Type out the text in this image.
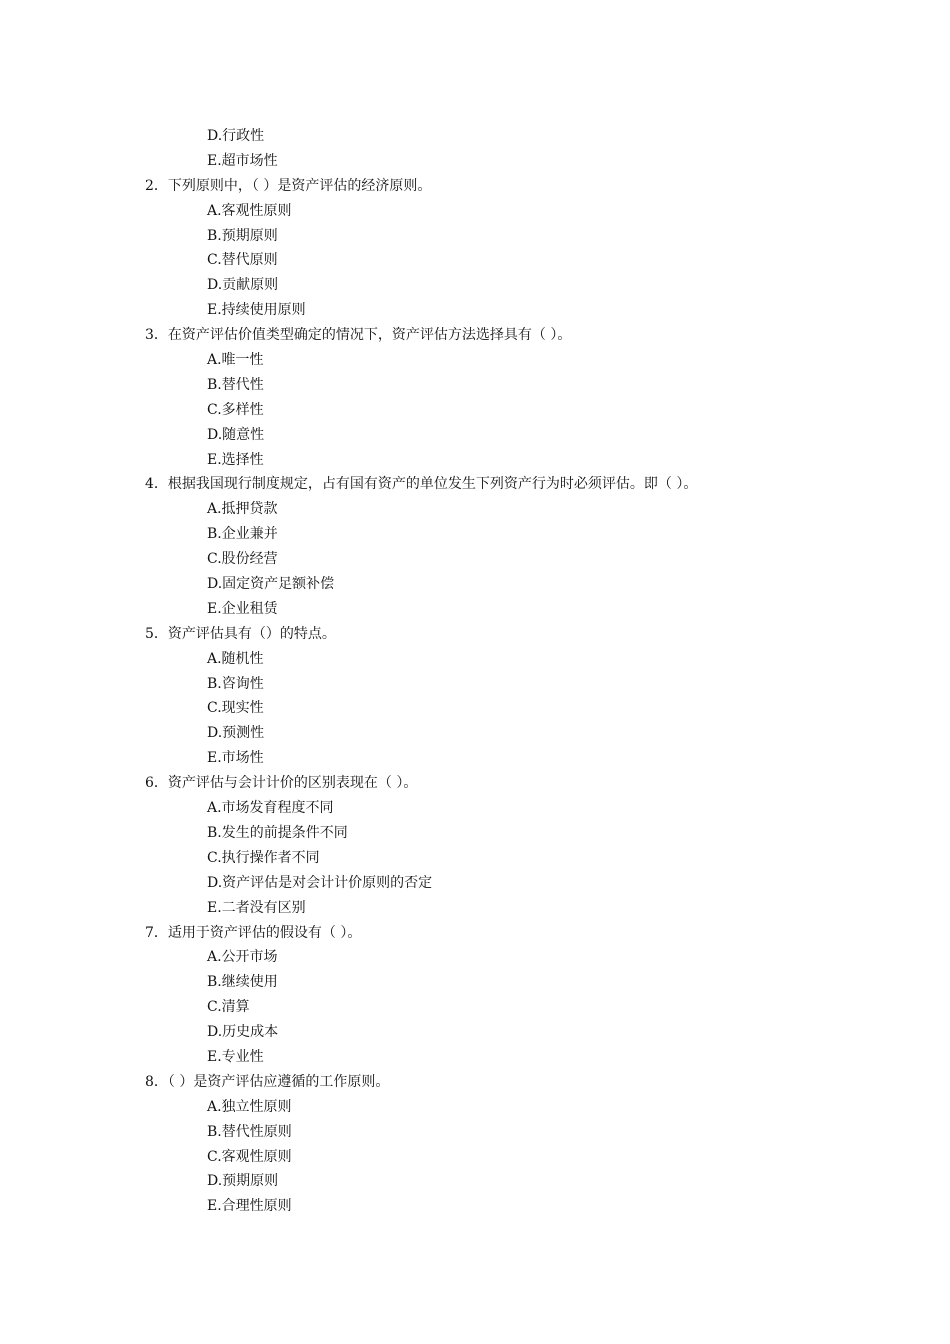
D.行政性
E.超市场性
2．下列原则中，（ ）是资产评估的经济原则。
A.客观性原则
B.预期原则
C.替代原则
D.贡献原则
E.持续使用原则
3．在资产评估价值类型确定的情况下，资产评估方法选择具有（ ）。
A.唯一性
B.替代性
C.多样性
D.随意性
E.选择性
4．根据我国现行制度规定，占有国有资产的单位发生下列资产行为时必须评估。即（ ）。
A.抵押贷款
B.企业兼并
C.股份经营
D.固定资产足额补偿
E.企业租赁
5．资产评估具有（）的特点。
A.随机性
B.咨询性
C.现实性
D.预测性
E.市场性
6．资产评估与会计计价的区别表现在（ ）。
A.市场发育程度不同
B.发生的前提条件不同
C.执行操作者不同
D.资产评估是对会计计价原则的否定
E.二者没有区别
7．适用于资产评估的假设有（ ）。
A.公开市场
B.继续使用
C.清算
D.历史成本
E.专业性
8．（ ）是资产评估应遵循的工作原则。
A.独立性原则
B.替代性原则
C.客观性原则
D.预期原则
E.合理性原则
